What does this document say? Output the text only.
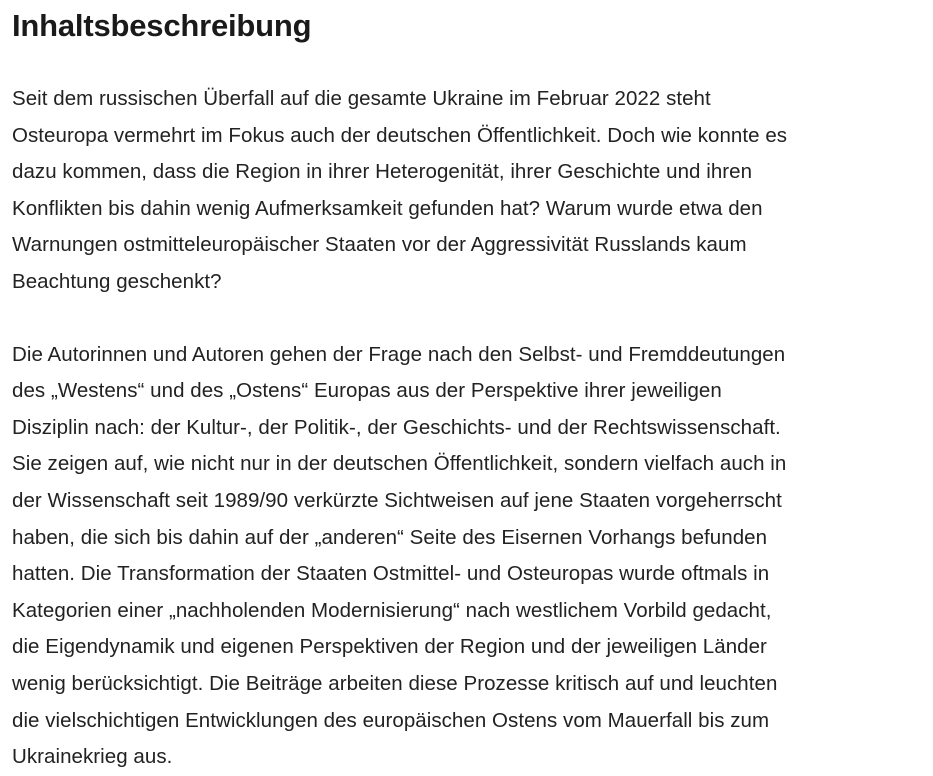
Inhaltsbeschreibung

Seit dem russischen Überfall auf die gesamte Ukraine im Februar 2022 steht
Osteuropa vermehrt im Fokus auch der deutschen Öffentlichkeit. Doch wie konnte es
dazu kommen, dass die Region in ihrer Heterogenität, ihrer Geschichte und ihren
Konflikten bis dahin wenig Aufmerksamkeit gefunden hat? Warum wurde etwa den
Warnungen ostmitteleuropäischer Staaten vor der Aggressivität Russlands kaum
Beachtung geschenkt?

Die Autorinnen und Autoren gehen der Frage nach den Selbst- und Fremddeutungen
des „Westens“ und des „Ostens“ Europas aus der Perspektive ihrer jeweiligen
Disziplin nach: der Kultur-, der Politik-, der Geschichts- und der Rechtswissenschaft.
Sie zeigen auf, wie nicht nur in der deutschen Öffentlichkeit, sondern vielfach auch in
der Wissenschaft seit 1989/90 verkürzte Sichtweisen auf jene Staaten vorgeherrscht
haben, die sich bis dahin auf der „anderen“ Seite des Eisernen Vorhangs befunden
hatten. Die Transformation der Staaten Ostmittel- und Osteuropas wurde oftmals in
Kategorien einer „nachholenden Modernisierung“ nach westlichem Vorbild gedacht,
die Eigendynamik und eigenen Perspektiven der Region und der jeweiligen Länder
wenig berücksichtigt. Die Beiträge arbeiten diese Prozesse kritisch auf und leuchten
die vielschichtigen Entwicklungen des europäischen Ostens vom Mauerfall bis zum
Ukrainekrieg aus.
